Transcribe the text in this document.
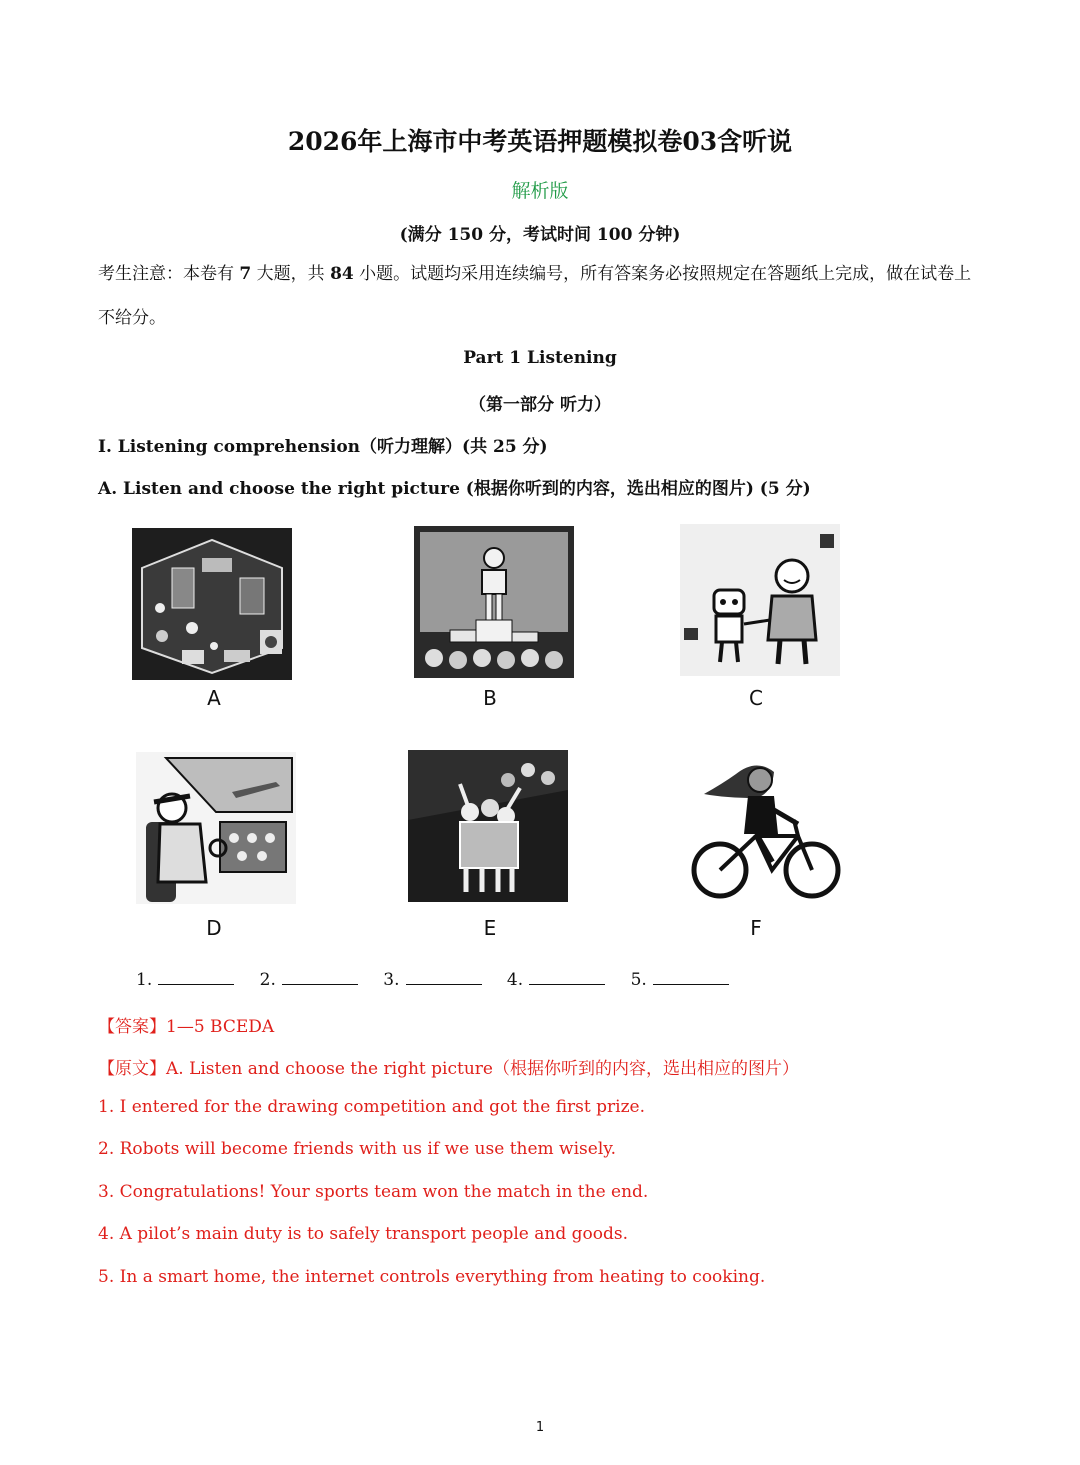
2026年上海市中考英语押题模拟卷03含听说
解析版
(满分 150 分，考试时间 100 分钟)
考生注意：本卷有 7 大题，共 84 小题。试题均采用连续编号，所有答案务必按照规定在答题纸上完成，做在试卷上不给分。
Part 1 Listening
（第一部分 听力）
I. Listening comprehension（听力理解）(共 25 分)
A. Listen and choose the right picture (根据你听到的内容，选出相应的图片) (5 分)
A	B	C
D	E	F
1.	2.	3.	4.	5.
【答案】1—5 BCEDA
【原文】A. Listen and choose the right picture（根据你听到的内容，选出相应的图片）
1. I entered for the drawing competition and got the first prize.
2. Robots will become friends with us if we use them wisely.
3. Congratulations! Your sports team won the match in the end.
4. A pilot’s main duty is to safely transport people and goods.
5. In a smart home, the internet controls everything from heating to cooking.
1
